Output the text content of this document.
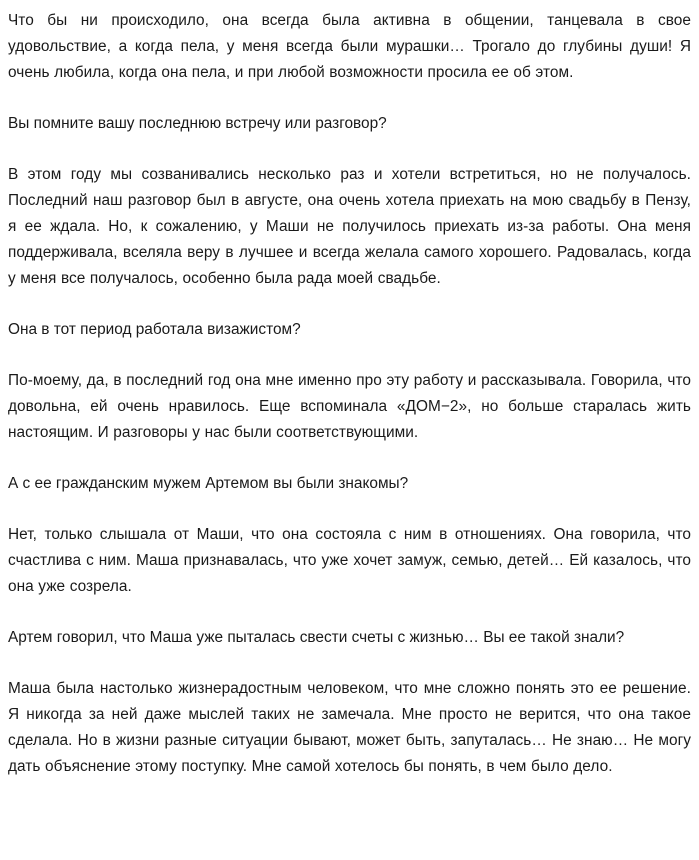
Что бы ни происходило, она всегда была активна в общении, танцевала в свое удовольствие, а когда пела, у меня всегда были мурашки… Трогало до глубины души! Я очень любила, когда она пела, и при любой возможности просила ее об этом.

Вы помните вашу последнюю встречу или разговор?

В этом году мы созванивались несколько раз и хотели встретиться, но не получалось. Последний наш разговор был в августе, она очень хотела приехать на мою свадьбу в Пензу, я ее ждала. Но, к сожалению, у Маши не получилось приехать из-за работы. Она меня поддерживала, вселяла веру в лучшее и всегда желала самого хорошего. Радовалась, когда у меня все получалось, особенно была рада моей свадьбе.

Она в тот период работала визажистом?

По-моему, да, в последний год она мне именно про эту работу и рассказывала. Говорила, что довольна, ей очень нравилось. Еще вспоминала «ДОМ−2», но больше старалась жить настоящим. И разговоры у нас были соответствующими.

А с ее гражданским мужем Артемом вы были знакомы?

Нет, только слышала от Маши, что она состояла с ним в отношениях. Она говорила, что счастлива с ним. Маша признавалась, что уже хочет замуж, семью, детей… Ей казалось, что она уже созрела.

Артем говорил, что Маша уже пыталась свести счеты с жизнью… Вы ее такой знали?

Маша была настолько жизнерадостным человеком, что мне сложно понять это ее решение. Я никогда за ней даже мыслей таких не замечала. Мне просто не верится, что она такое сделала. Но в жизни разные ситуации бывают, может быть, запуталась… Не знаю… Не могу дать объяснение этому поступку. Мне самой хотелось бы понять, в чем было дело.
